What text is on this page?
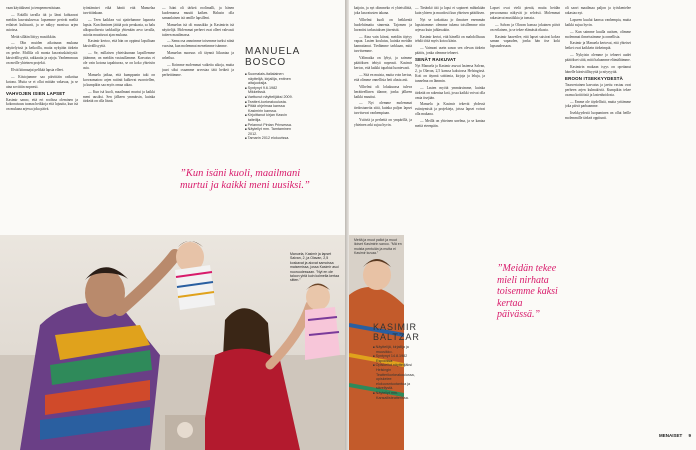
vaan käyttäkseni ja tempermentistaan.

— Eräällä tavalla itä ja länsi kohtaavat meidän kasvatuksessa: lapsemme perivät meiltä erilaiset kulttuurit, ja se näkyy monissa arjen asioissa.

Meitä sillään liittyy musiikkiin.

— Olin muiden aikoinaan mukana näyttelyissä ja keikoilla, mutta nykyään tärkein on perhe. Mollila oli monta kasvatuskäsitystä: kärsivällisyyttä, rakkautta ja rajoja. Vanhemmuus on meille yhteinen projekti.

Elvät kiinnaajat pelikää lapsia elleet.

— Kiistojamme saa päivittäin ratkottua kotona. Mutta se ei ollut mitään vakavaa, ja se aina sovittiin nopeasti.

VAHVOJEN ISIEN LAPSET

Kasimir sanoo, että eri roolissa oleminen ja kokonaisuus tuonaa heikkoja että lujuutta, kun isä on mukana arjessa joka päivä.

työntämiset eikä häntä että Manuelaa tarvittiinkaan.

— Teen kaikkea vai ajattelumme lupaavia lapsia. Kun ihminen jättää pois perakasta, sa halu ulkopuolisesta tarkkailija yhtenään arvo tavalla, asioita muuttuvat ajan mukana.

Kasimir kertoo, että hän on oppinut lapsiltaan kärsivällisyyttä.

— Se, millaisen yhteiskunnan lapsillemme jätämme, on meidän vastuullamme. Kasvatus ei ole vain kotona tapahtuvaa, se on koko yhteisön asia.

Manuela jatkaa, että kumppanin tuki on korvaamaton: arjen rutiinit kulkevat vuorotellen, ja kumpikin saa myös omaa aikaa.

— Kun isä kuoli, maailmani murtui ja kaikki meni uusiksi. Sen jälkeen ymmärsin, kuinka tärkeää on olla läsnä.

— Isäni oli tärkeä roolimalli, ja hänen kuolemansa muutti kaiken. Halusin olla samanlainen isä omille lapsilleni.

Manuelan isä oli muusikko ja Kasimirin isä näyttelijä. Molemmat perheet ovat olleet vahvasti taiteen maailmassa.

— Sama osa annoimme toisemme tueksi niinä vuosina, kun molemmat menetimme isämme.

Manuelan nuoruus oli täynnä liikuntaa ja urheilua.

— Koimme molemmat vaikeita aikoja, mutta juuri siksi osaamme arvostaa tätä hetkeä ja perhettämme.

MANUELA
BOSCO
■ Suomalais-italialainen näyttelijä, kirjailija, entinen aitajuoksija.
■ Syntynyt 9.6.1982 Mikkelissä.
■ Varttunut näyttelijäksi 2009.
■ Teatteri-korkeakoulusta.
■ Pitää ohjelmaa kanssa Kasimirin kanssa.
■ Kirjoittanut kirjan Kasvin taiteilija.
■ Pelannut Pintan Prinsessa.
■ Näytellyt mm. Tamtaminen 2012.
■ Tamarin 2012 elokuvissa.
”Kun isäni kuoli, maailmani murtui ja kaikki meni uusiksi.”
Manuela, Kasimir ja lapset Salvan, 2, ja Olavan, 2,5 koskavat ja aiovat samoissa maisemissa, jossa Kasimir asui nuoruudessaan. ”Nyt en ole taloon yhtä kuin kolmella kertaa sitten.”

katjoin, ja nyt olimmeko ei yhteistlöitä, joka kasvatusten takana.

Vilhelmi kuoli on heikkeniä huolehtimatta sinnenta. Tajomen ja luvanitsi tarkastuksen jäsenistä.

— Aina vain kiinni, meidän täytyy vapaa. Lasten koulutus, kuinka meidän kannattanut. Tiedämme tarkkaan, mitä tarvitsemme.

Välimatka on lyhyt, ja saimme päätöksen tehtyä nopeasti. Kasimir kertoo, että kaikki tapahtui luontevasti.

— Sitä en muista, mutta voin kertoa, että olimme onnellisia heti alusta asti.

Vilhelmi oli lokakuussa tuleva herätteellinen tilanne, jonka jälkeen kaikki muuttui.

— Nyt olemme molemmat tiedostuneita siitä, kuinka paljon lapset tarvitsevat vanhempiaan.

Ystäviä ja perhettä on ympärillä, ja yhteinen arki sujuu hyvin.

— Tietänkö äiti ja lapsi ei sopineet mihinkään kuin yhteen ja muodosti kun yhteisen päätöksen.

Nyt se tarkoittaa jo ilmaisee enemmän lapsistamme: olemme tukena toisillemme niin arjessa kuin juhlassakin.

Kasimir kertoi, että hänellä on mahdollisuus tehdä töitä myös kotoa käsin.

— Vaimoni usein sanoo sen olevan tärkein päätös, jonka olemme tehneet.

SENÄT RAIKUVAT

Nyt Manuela ja Kasimir asuvat lastensa Salvan, 2, ja Olavan, 2,5 kanssa kaksiossa Helsingissä. Koti on täynnä soittimia, kirjoja ja leluja, ja tunnelma on lämmin.

— Lasten myötä ymmärsimme, kuinka tärkeää on rakentaa koti, jossa kaikki voivat olla omia itsejään.

Manuela ja Kasimir tekevät yhdessä esiintymisiä ja projekteja, joissa lapset voivat olla mukana.

— Meillä on yhteinen unelma, ja se kantaa meitä eteenpäin.

Lapset ovat vielä pieniä, mutta heidän persoonansa näkyvät jo selvästi. Molemmat rakastavat musiikkia ja tanssia.

— Salvan ja Olavan kanssa jokainen päivä on erilainen, ja se tekee elämästä rikasta.

Kasimir haaveilee, että lapset saisivat kokea saman vapauden, jonka hän itse koki lapsuudessaan.

oli saavi maailmaa paljon ja työskentelee rakastaa nyt.

Lapseen kuului kanssa vanhempia, mutta kaikki sujuu hyvin.

— Kun saimme kuulla uutisen, olimme molemmat ihmeissämme ja onnellisia.

Kasimir ja Manuela kertovat, että yhteiset hetket ovat kaikkein tärkeimpiä.

— Nykyisin olemme jo tehneet uudet päätökset siitä, mitä haluamme elämältämme.

Kasimirin mukaan isyys on opettanut hänelle kärsivällisyyttä ja nöyryyttä.

EROON ITSEKKYYDESTÄ

Tasavertainen kasvatus ja jaettu vastuu ovat perheen arjen kulmakiviä. Kumpikin tekee osansa kotitöistä ja lastenhoidosta.

— Emme ole täydellisiä, mutta yritämme joka päivä parhaamme.

Itsekkyydestä luopuminen on ollut heille molemmille tärkeä oppitunti.

Meitä ja muut pallot ja muut iloiset Kasimirin sanoo. ”Mä en muista pentuiän ja mutta ei Kasimir kuvaa.”
KASIMIR
BALTZAR
■ Näyttelijä, kirjailija ja muusikko.
■ Syntynyt 14.8.1982 Espoossa.
■ Opiskellut näyttelijäksi Helsingin Teatterikorkeakoulussa, opiskelee elokuvantuotantoa ja sävellystä.
■ Näytellyt mm. Kansallisteatterissa.
”Meidän tekee mieli nirhata toisemme kaksi kertaa päivässä.”
MENAISET 9
